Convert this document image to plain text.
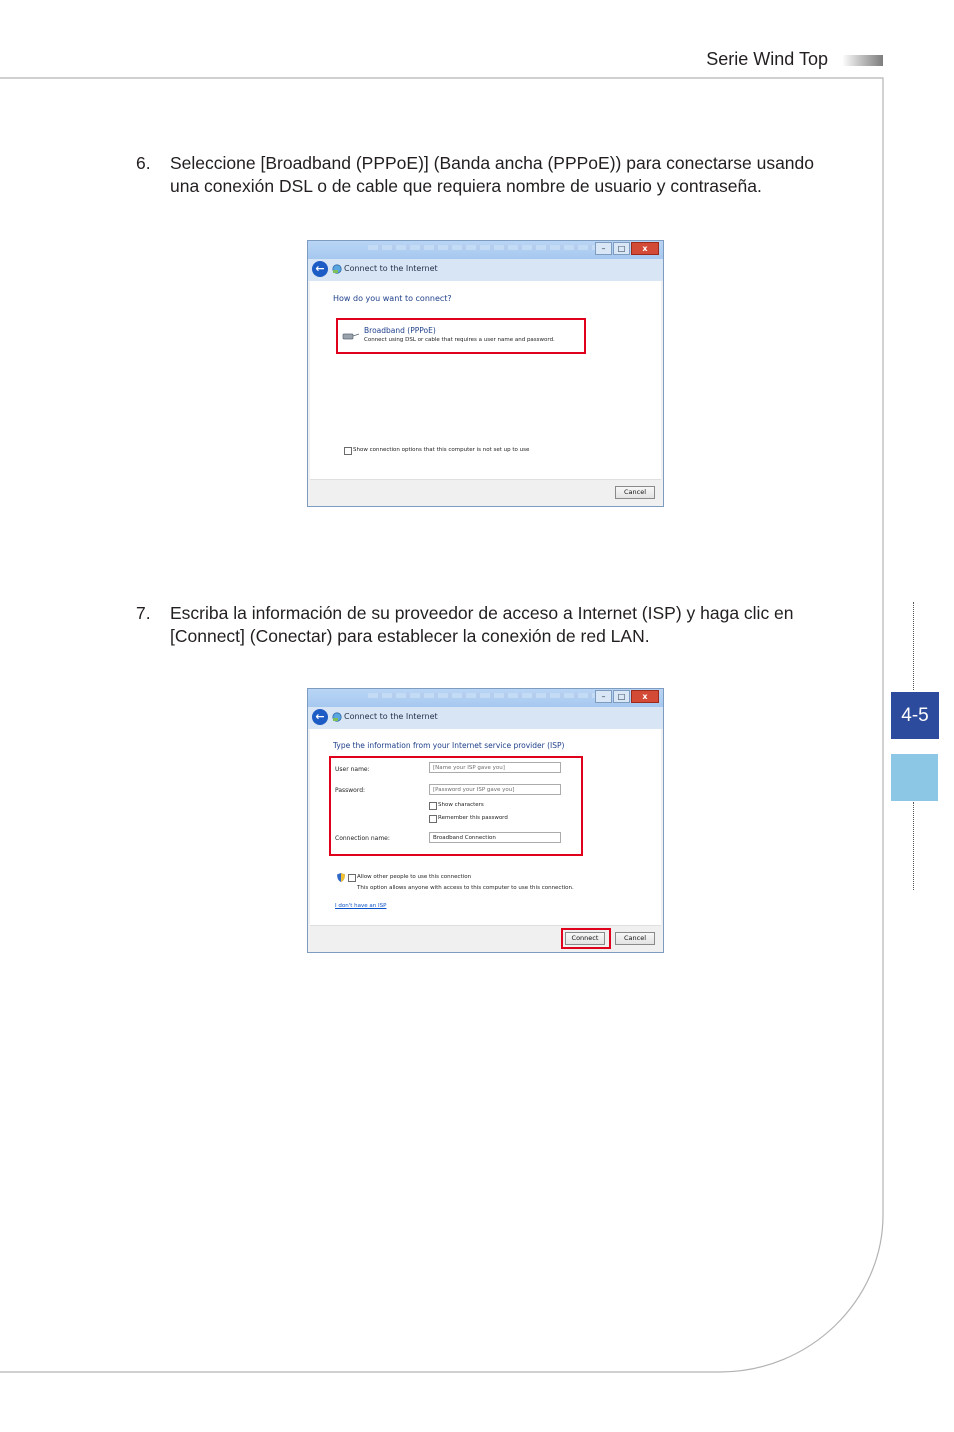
Serie Wind Top
6.	Seleccione [Broadband (PPPoE)] (Banda ancha (PPPoE)) para conectarse usando una conexión DSL o de cable que requiera nombre de usuario y contraseña.
–	□	x
←	Connect to the Internet
How do you want to connect?
Broadband (PPPoE)
Connect using DSL or cable that requires a user name and password.
Show connection options that this computer is not set up to use
Cancel
7.	Escriba la información de su proveedor de acceso a Internet (ISP) y haga clic en [Connect] (Conectar) para establecer la conexión de red LAN.
–	□	x
←	Connect to the Internet
Type the information from your Internet service provider (ISP)
User name:	[Name your ISP gave you]
Password:	[Password your ISP gave you]
Show characters
Remember this password
Connection name:	Broadband Connection
Allow other people to use this connection
This option allows anyone with access to this computer to use this connection.
I don't have an ISP
Connect	Cancel
4-5
